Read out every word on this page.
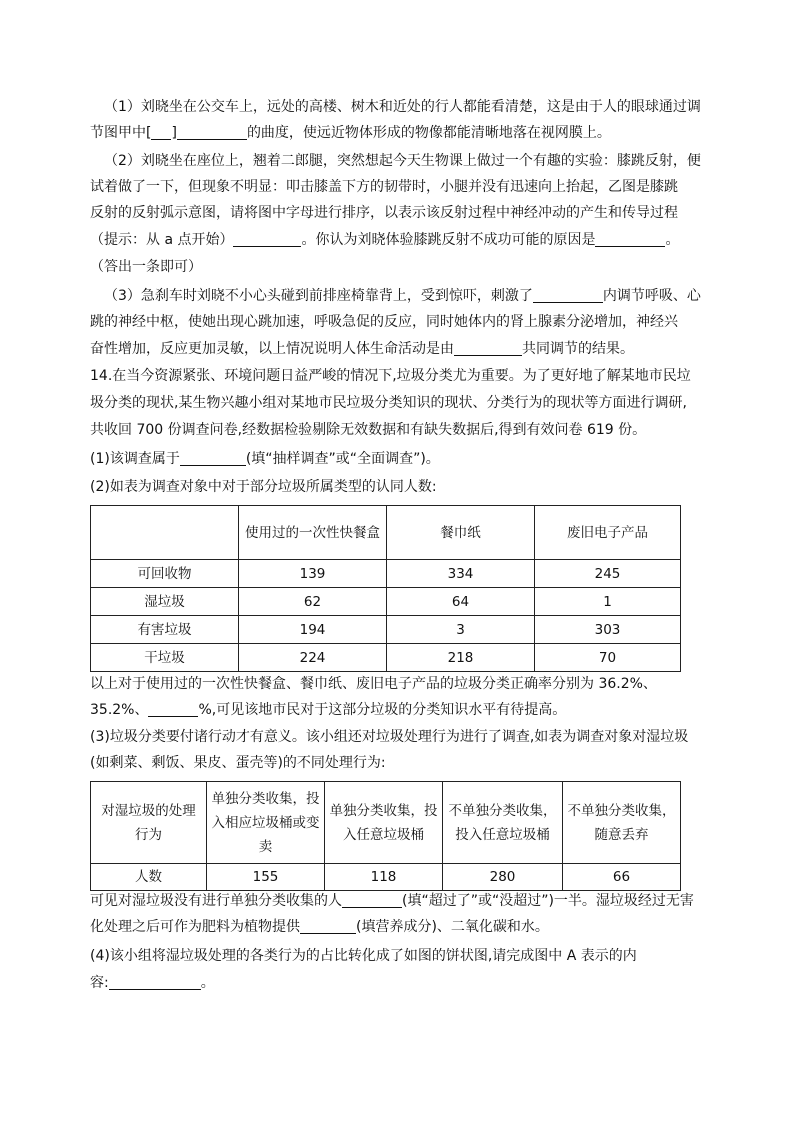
（1）刘晓坐在公交车上，远处的高楼、树木和近处的行人都能看清楚，这是由于人的眼球通过调
节图甲中[ ]	的曲度，使远近物体形成的物像都能清晰地落在视网膜上。
（2）刘晓坐在座位上，翘着二郎腿，突然想起今天生物课上做过一个有趣的实验：膝跳反射，便
试着做了一下，但现象不明显：叩击膝盖下方的韧带时，小腿并没有迅速向上抬起，乙图是膝跳
反射的反射弧示意图，请将图中字母进行排序，以表示该反射过程中神经冲动的产生和传导过程
（提示：从 a 点开始）	。你认为刘晓体验膝跳反射不成功可能的原因是	。
（答出一条即可）
（3）急刹车时刘晓不小心头碰到前排座椅靠背上，受到惊吓，刺激了	内调节呼吸、心
跳的神经中枢，使她出现心跳加速，呼吸急促的反应，同时她体内的肾上腺素分泌增加，神经兴
奋性增加，反应更加灵敏，以上情况说明人体生命活动是由	共同调节的结果。
14.在当今资源紧张、环境问题日益严峻的情况下,垃圾分类尤为重要。为了更好地了解某地市民垃
圾分类的现状,某生物兴趣小组对某地市民垃圾分类知识的现状、分类行为的现状等方面进行调研,
共收回 700 份调查问卷,经数据检验剔除无效数据和有缺失数据后,得到有效问卷 619 份。
(1)该调查属于	(填“抽样调查”或“全面调查”)。
(2)如表为调查对象中对于部分垃圾所属类型的认同人数:
	使用过的一次性快餐盒	餐巾纸	废旧电子产品
可回收物	139	334	245
湿垃圾	62	64	1
有害垃圾	194	3	303
干垃圾	224	218	70
以上对于使用过的一次性快餐盒、餐巾纸、废旧电子产品的垃圾分类正确率分别为 36.2%、
35.2%、	%,可见该地市民对于这部分垃圾的分类知识水平有待提高。
(3)垃圾分类要付诸行动才有意义。该小组还对垃圾处理行为进行了调查,如表为调查对象对湿垃圾
(如剩菜、剩饭、果皮、蛋壳等)的不同处理行为:
对湿垃圾的处理行为	单独分类收集，投入相应垃圾桶或变卖	单独分类收集，投入任意垃圾桶	不单独分类收集，投入任意垃圾桶	不单独分类收集，随意丢弃
人数	155	118	280	66
可见对湿垃圾没有进行单独分类收集的人	(填“超过了”或“没超过”)一半。湿垃圾经过无害
化处理之后可作为肥料为植物提供	(填营养成分)、二氧化碳和水。
(4)该小组将湿垃圾处理的各类行为的占比转化成了如图的饼状图,请完成图中 A 表示的内
容:	。
